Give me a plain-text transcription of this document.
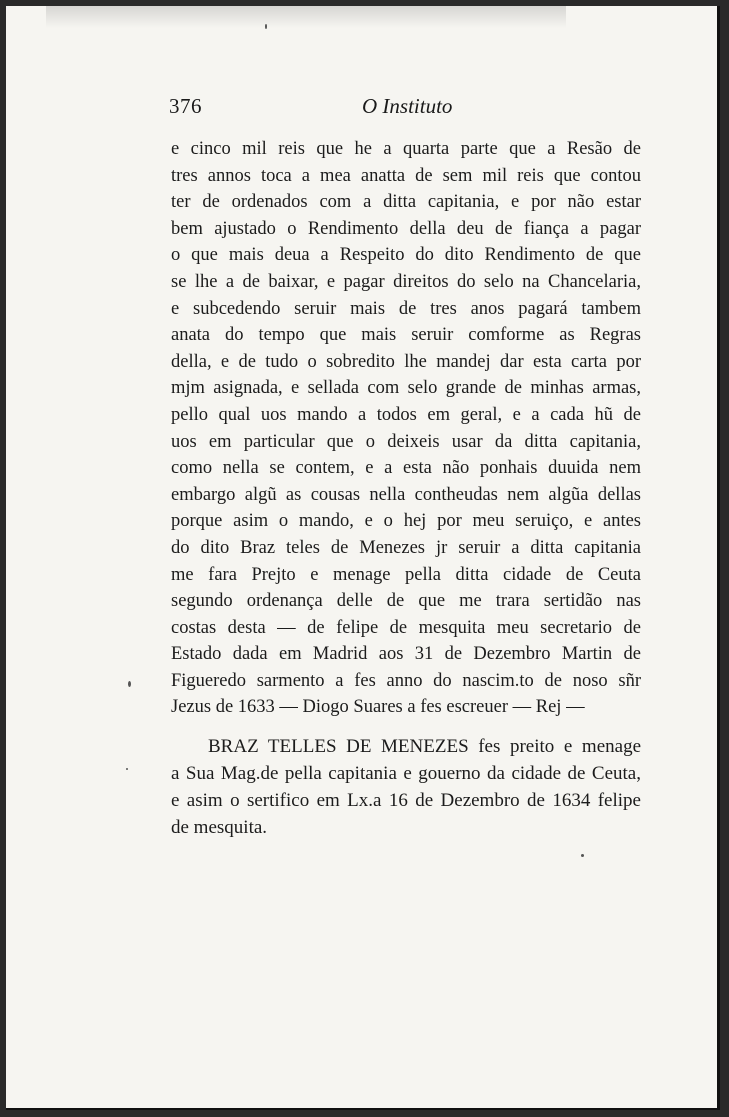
376	O Instituto
e cinco mil reis que he a quarta parte que a Resão de
tres annos toca a mea anatta de sem mil reis que contou
ter de ordenados com a ditta capitania, e por não estar
bem ajustado o Rendimento della deu de fiança a pagar
o que mais deua a Respeito do dito Rendimento de que
se lhe a de baixar, e pagar direitos do selo na Chancelaria,
e subcedendo seruir mais de tres anos pagará tambem
anata do tempo que mais seruir comforme as Regras
della, e de tudo o sobredito lhe mandej dar esta carta por
mjm asignada, e sellada com selo grande de minhas armas,
pello qual uos mando a todos em geral, e a cada hũ de
uos em particular que o deixeis usar da ditta capitania,
como nella se contem, e a esta não ponhais duuida nem
embargo algũ as cousas nella contheudas nem algũa dellas
porque asim o mando, e o hej por meu seruiço, e antes
do dito Braz teles de Menezes jr seruir a ditta capitania
me fara Prejto e menage pella ditta cidade de Ceuta
segundo ordenança delle de que me trara sertidão nas
costas desta — de felipe de mesquita meu secretario de
Estado dada em Madrid aos 31 de Dezembro Martin de
Figueredo sarmento a fes anno do nascim.to de noso sñr
Jezus de 1633 — Diogo Suares a fes escreuer — Rej —
BRAZ TELLES DE MENEZES fes preito e menage
a Sua Mag.de pella capitania e gouerno da cidade de Ceuta,
e asim o sertifico em Lx.a 16 de Dezembro de 1634 felipe
de mesquita.
